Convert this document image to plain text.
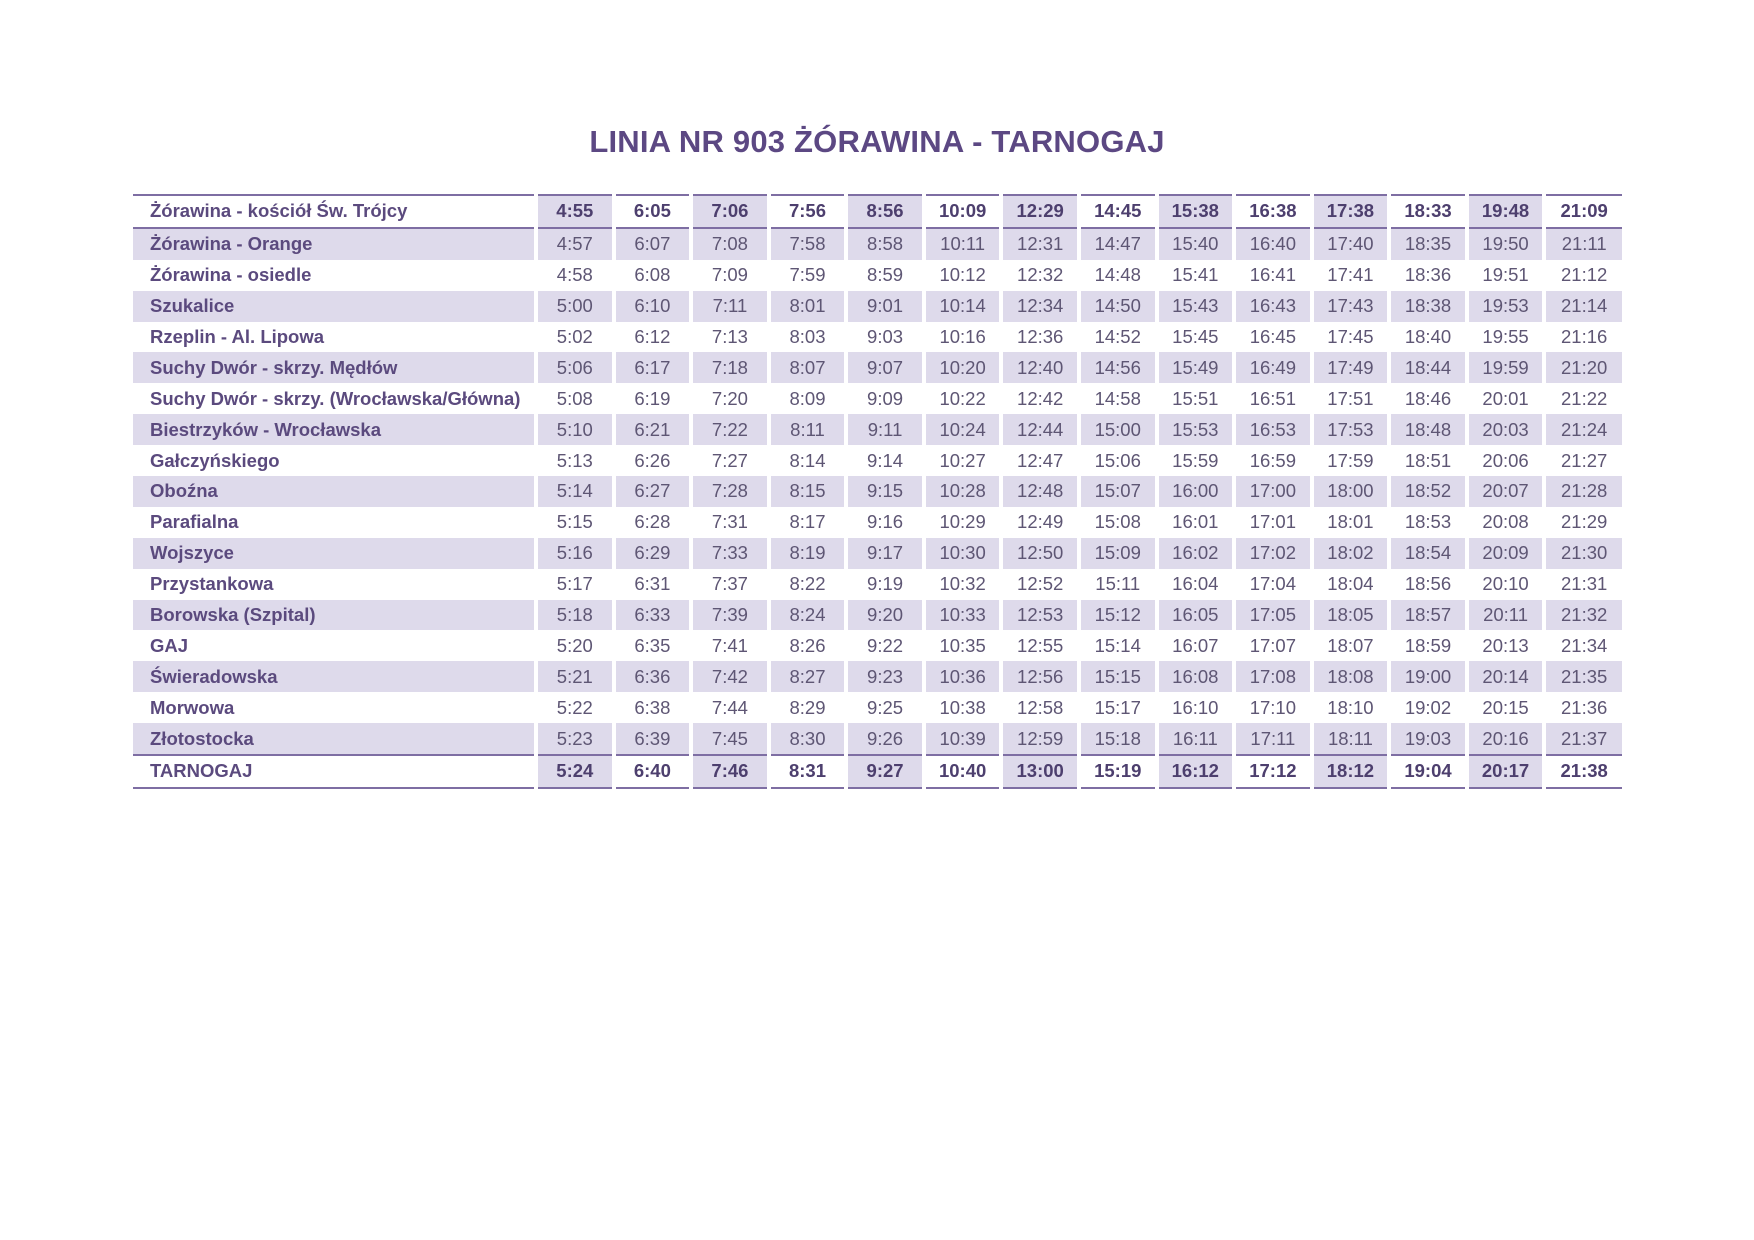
LINIA NR 903 ŻÓRAWINA - TARNOGAJ
Żórawina - kościół Św. Trójcy	4:55	6:05	7:06	7:56	8:56	10:09	12:29	14:45	15:38	16:38	17:38	18:33	19:48	21:09
Żórawina - Orange	4:57	6:07	7:08	7:58	8:58	10:11	12:31	14:47	15:40	16:40	17:40	18:35	19:50	21:11
Żórawina - osiedle	4:58	6:08	7:09	7:59	8:59	10:12	12:32	14:48	15:41	16:41	17:41	18:36	19:51	21:12
Szukalice	5:00	6:10	7:11	8:01	9:01	10:14	12:34	14:50	15:43	16:43	17:43	18:38	19:53	21:14
Rzeplin - Al. Lipowa	5:02	6:12	7:13	8:03	9:03	10:16	12:36	14:52	15:45	16:45	17:45	18:40	19:55	21:16
Suchy Dwór - skrzy. Mędłów	5:06	6:17	7:18	8:07	9:07	10:20	12:40	14:56	15:49	16:49	17:49	18:44	19:59	21:20
Suchy Dwór - skrzy. (Wrocławska/Główna)	5:08	6:19	7:20	8:09	9:09	10:22	12:42	14:58	15:51	16:51	17:51	18:46	20:01	21:22
Biestrzyków - Wrocławska	5:10	6:21	7:22	8:11	9:11	10:24	12:44	15:00	15:53	16:53	17:53	18:48	20:03	21:24
Gałczyńskiego	5:13	6:26	7:27	8:14	9:14	10:27	12:47	15:06	15:59	16:59	17:59	18:51	20:06	21:27
Oboźna	5:14	6:27	7:28	8:15	9:15	10:28	12:48	15:07	16:00	17:00	18:00	18:52	20:07	21:28
Parafialna	5:15	6:28	7:31	8:17	9:16	10:29	12:49	15:08	16:01	17:01	18:01	18:53	20:08	21:29
Wojszyce	5:16	6:29	7:33	8:19	9:17	10:30	12:50	15:09	16:02	17:02	18:02	18:54	20:09	21:30
Przystankowa	5:17	6:31	7:37	8:22	9:19	10:32	12:52	15:11	16:04	17:04	18:04	18:56	20:10	21:31
Borowska (Szpital)	5:18	6:33	7:39	8:24	9:20	10:33	12:53	15:12	16:05	17:05	18:05	18:57	20:11	21:32
GAJ	5:20	6:35	7:41	8:26	9:22	10:35	12:55	15:14	16:07	17:07	18:07	18:59	20:13	21:34
Świeradowska	5:21	6:36	7:42	8:27	9:23	10:36	12:56	15:15	16:08	17:08	18:08	19:00	20:14	21:35
Morwowa	5:22	6:38	7:44	8:29	9:25	10:38	12:58	15:17	16:10	17:10	18:10	19:02	20:15	21:36
Złotostocka	5:23	6:39	7:45	8:30	9:26	10:39	12:59	15:18	16:11	17:11	18:11	19:03	20:16	21:37
TARNOGAJ	5:24	6:40	7:46	8:31	9:27	10:40	13:00	15:19	16:12	17:12	18:12	19:04	20:17	21:38
